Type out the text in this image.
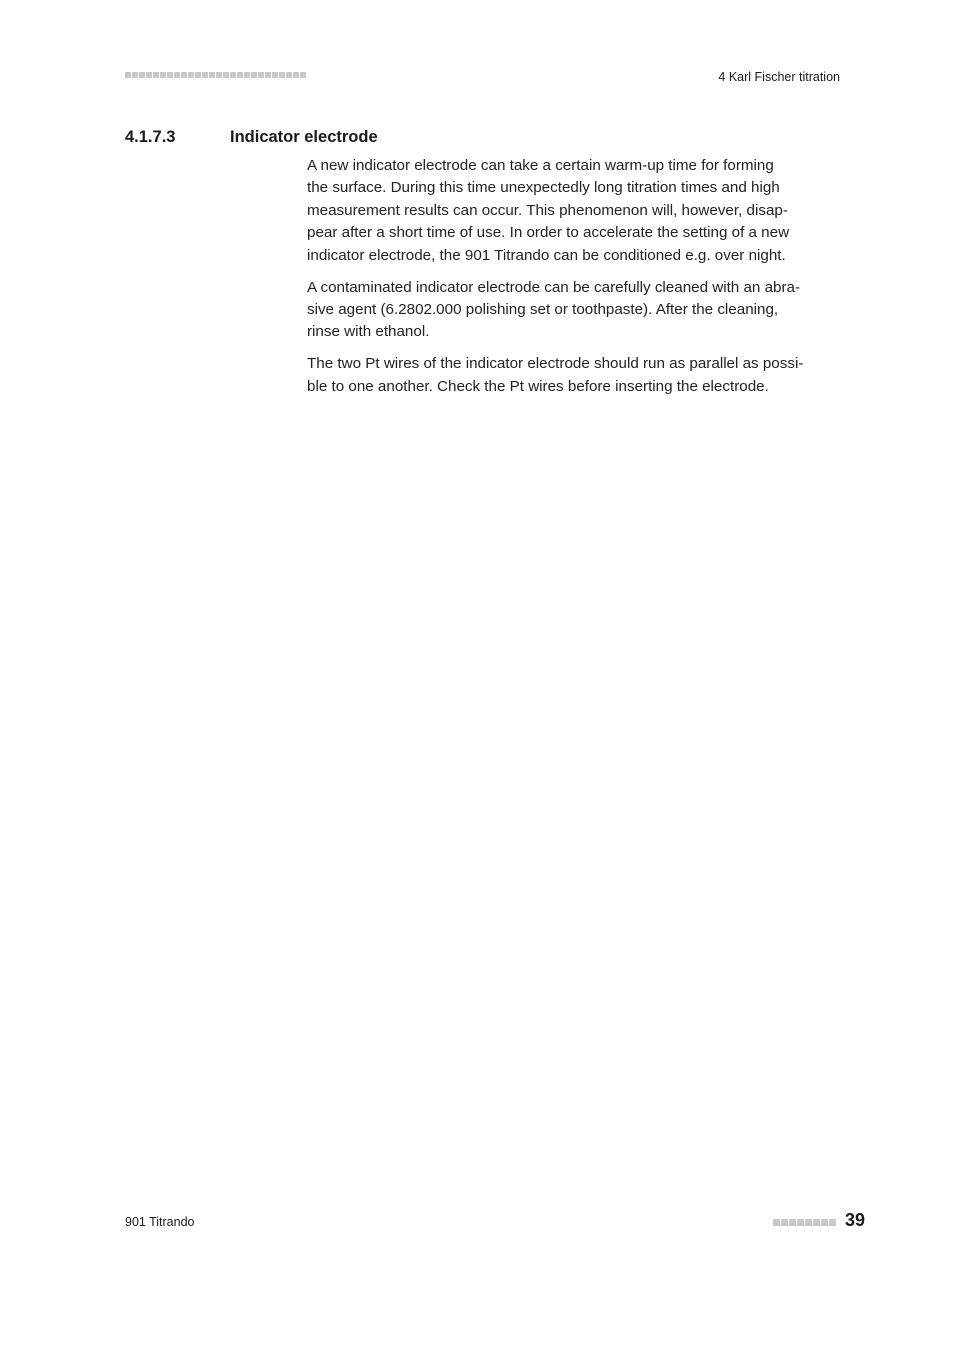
4 Karl Fischer titration
4.1.7.3	Indicator electrode

A new indicator electrode can take a certain warm-up time for forming
the surface. During this time unexpectedly long titration times and high
measurement results can occur. This phenomenon will, however, disap-
pear after a short time of use. In order to accelerate the setting of a new
indicator electrode, the 901 Titrando can be conditioned e.g. over night.

A contaminated indicator electrode can be carefully cleaned with an abra-
sive agent (6.2802.000 polishing set or toothpaste). After the cleaning,
rinse with ethanol.

The two Pt wires of the indicator electrode should run as parallel as possi-
ble to one another. Check the Pt wires before inserting the electrode.

901 Titrando	39
